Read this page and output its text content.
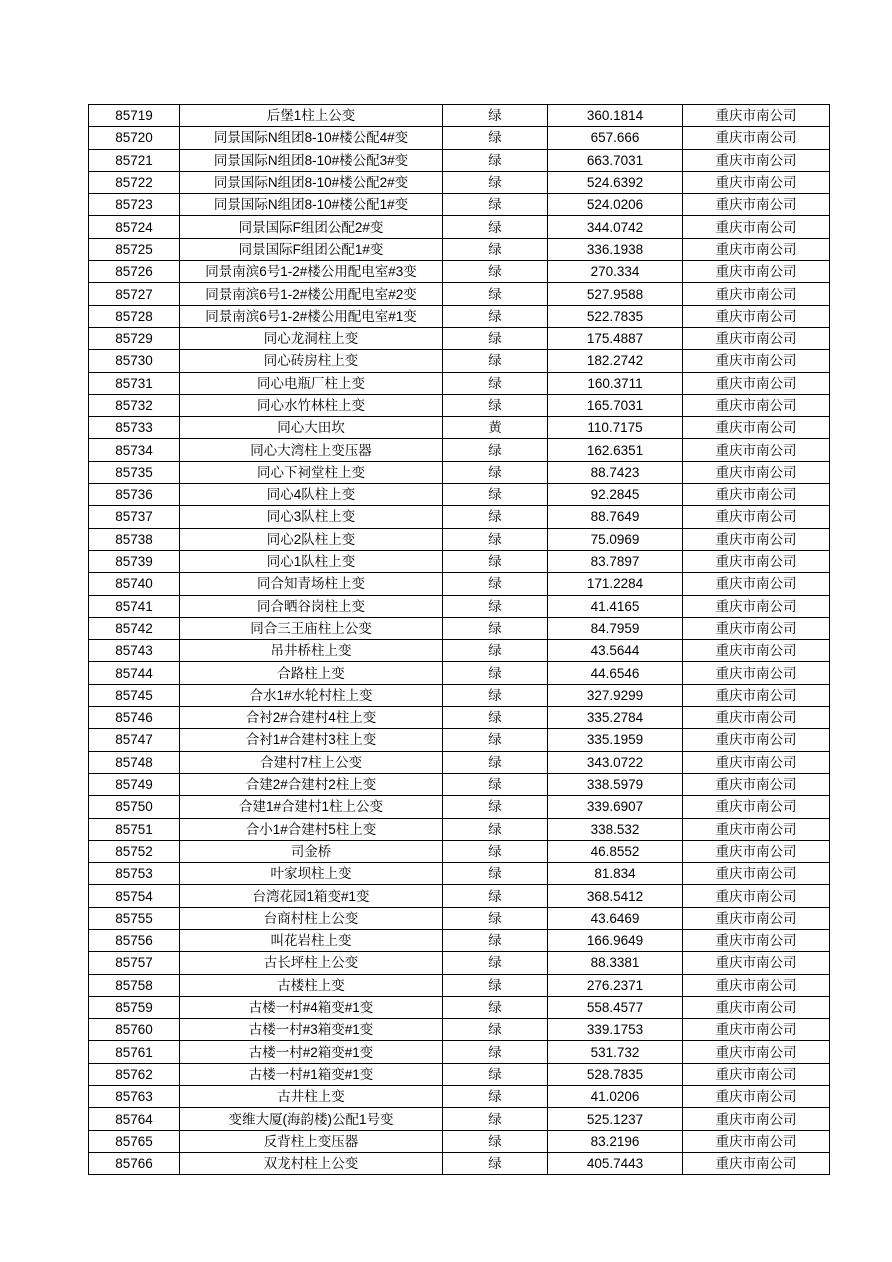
85719	后堡1柱上公变	绿	360.1814	重庆市南公司
85720	同景国际N组团8-10#楼公配4#变	绿	657.666	重庆市南公司
85721	同景国际N组团8-10#楼公配3#变	绿	663.7031	重庆市南公司
85722	同景国际N组团8-10#楼公配2#变	绿	524.6392	重庆市南公司
85723	同景国际N组团8-10#楼公配1#变	绿	524.0206	重庆市南公司
85724	同景国际F组团公配2#变	绿	344.0742	重庆市南公司
85725	同景国际F组团公配1#变	绿	336.1938	重庆市南公司
85726	同景南滨6号1-2#楼公用配电室#3变	绿	270.334	重庆市南公司
85727	同景南滨6号1-2#楼公用配电室#2变	绿	527.9588	重庆市南公司
85728	同景南滨6号1-2#楼公用配电室#1变	绿	522.7835	重庆市南公司
85729	同心龙洞柱上变	绿	175.4887	重庆市南公司
85730	同心砖房柱上变	绿	182.2742	重庆市南公司
85731	同心电瓶厂柱上变	绿	160.3711	重庆市南公司
85732	同心水竹林柱上变	绿	165.7031	重庆市南公司
85733	同心大田坎	黄	110.7175	重庆市南公司
85734	同心大湾柱上变压器	绿	162.6351	重庆市南公司
85735	同心下祠堂柱上变	绿	88.7423	重庆市南公司
85736	同心4队柱上变	绿	92.2845	重庆市南公司
85737	同心3队柱上变	绿	88.7649	重庆市南公司
85738	同心2队柱上变	绿	75.0969	重庆市南公司
85739	同心1队柱上变	绿	83.7897	重庆市南公司
85740	同合知青场柱上变	绿	171.2284	重庆市南公司
85741	同合晒谷岗柱上变	绿	41.4165	重庆市南公司
85742	同合三王庙柱上公变	绿	84.7959	重庆市南公司
85743	吊井桥柱上变	绿	43.5644	重庆市南公司
85744	合路柱上变	绿	44.6546	重庆市南公司
85745	合水1#水轮村柱上变	绿	327.9299	重庆市南公司
85746	合衬2#合建村4柱上变	绿	335.2784	重庆市南公司
85747	合衬1#合建村3柱上变	绿	335.1959	重庆市南公司
85748	合建村7柱上公变	绿	343.0722	重庆市南公司
85749	合建2#合建村2柱上变	绿	338.5979	重庆市南公司
85750	合建1#合建村1柱上公变	绿	339.6907	重庆市南公司
85751	合小1#合建村5柱上变	绿	338.532	重庆市南公司
85752	司金桥	绿	46.8552	重庆市南公司
85753	叶家坝柱上变	绿	81.834	重庆市南公司
85754	台湾花园1箱变#1变	绿	368.5412	重庆市南公司
85755	台商村柱上公变	绿	43.6469	重庆市南公司
85756	叫花岩柱上变	绿	166.9649	重庆市南公司
85757	古长坪柱上公变	绿	88.3381	重庆市南公司
85758	古楼柱上变	绿	276.2371	重庆市南公司
85759	古楼一村#4箱变#1变	绿	558.4577	重庆市南公司
85760	古楼一村#3箱变#1变	绿	339.1753	重庆市南公司
85761	古楼一村#2箱变#1变	绿	531.732	重庆市南公司
85762	古楼一村#1箱变#1变	绿	528.7835	重庆市南公司
85763	古井柱上变	绿	41.0206	重庆市南公司
85764	变维大厦(海韵楼)公配1号变	绿	525.1237	重庆市南公司
85765	反背柱上变压器	绿	83.2196	重庆市南公司
85766	双龙村柱上公变	绿	405.7443	重庆市南公司
